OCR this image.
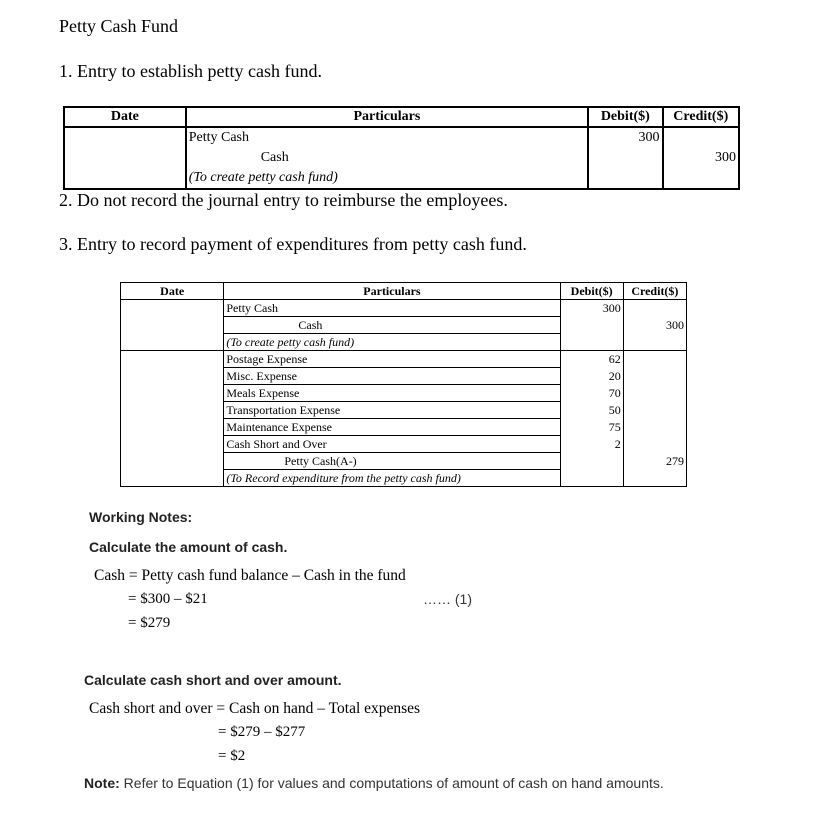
Petty Cash Fund
1. Entry to establish petty cash fund.
Date	Particulars	Debit($)	Credit($)
	Petty Cash	300	
	Cash		300
	(To create petty cash fund)		
2. Do not record the journal entry to reimburse the employees.
3. Entry to record payment of expenditures from petty cash fund.
Date	Particulars	Debit($)	Credit($)
	Petty Cash	300	
	Cash		300
	(To create petty cash fund)		
	Postage Expense	62	
	Misc. Expense	20	
	Meals Expense	70	
	Transportation Expense	50	
	Maintenance Expense	75	
	Cash Short and Over	2	
	Petty Cash(A-)		279
	(To Record expenditure from the petty cash fund)		
Working Notes:
Calculate the amount of cash.
Cash = Petty cash fund balance – Cash in the fund
= $300 – $21	…… (1)
= $279
Calculate cash short and over amount.
Cash short and over = Cash on hand – Total expenses
= $279 – $277
= $2
Note: Refer to Equation (1) for values and computations of amount of cash on hand amounts.
